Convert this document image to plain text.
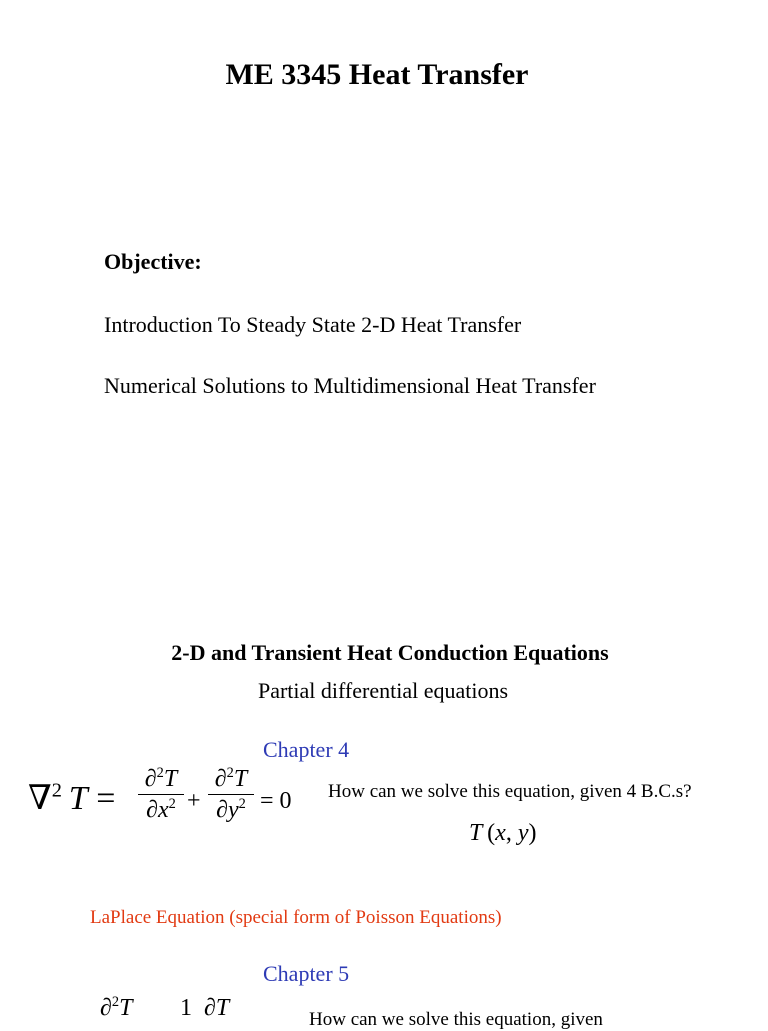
ME 3345 Heat Transfer
Objective:
Introduction To Steady State 2-D Heat Transfer
Numerical Solutions to Multidimensional Heat Transfer
2-D and Transient Heat Conduction Equations
Partial differential equations
Chapter 4
∇$^2$  T =
∂$^2$T
$\partial x^2$ +
∂$^2$T
$\partial y^2 = 0$ How can we solve this equation, given 4 B.C.s?
T (x, y)
LaPlace Equation (special form of Poisson Equations)
Chapter 5
∂$^2$T 1  ∂T	How can we solve this equation, given
